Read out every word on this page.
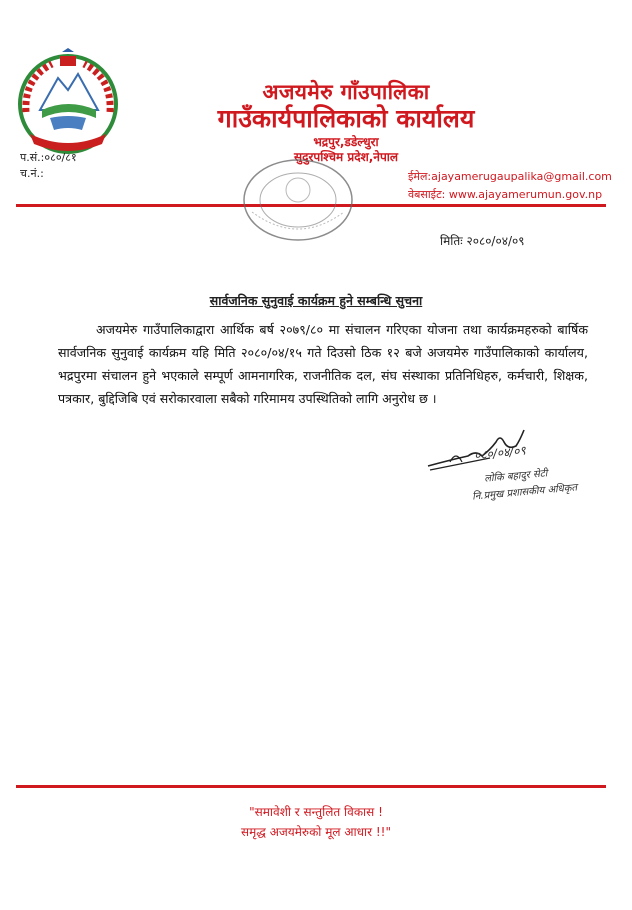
अजयमेरु गाँउपालिका
गाउँकार्यपालिकाको कार्यालय
भद्रपुर,डडेल्धुरा
सुदुरपश्चिम प्रदेश,नेपाल
प.सं.:०८०/८१
च.नं.:	ईमेल:ajayamerugaupalika@gmail.com
वेबसाईट: www.ajayamerumun.gov.np
मितिः २०८०/०४/०९
सार्वजनिक सुनुवाई कार्यक्रम हुने सम्बन्धि सुचना
अजयमेरु गाउँपालिकाद्वारा आर्थिक बर्ष २०७९/८० मा संचालन गरिएका योजना तथा कार्यक्रमहरुको बार्षिक सार्वजनिक सुनुवाई कार्यक्रम यहि मिति २०८०/०४/१५ गते दिउसो ठिक १२ बजे अजयमेरु गाउँपालिकाको कार्यालय, भद्रपुरमा संचालन हुने भएकाले सम्पूर्ण आमनागरिक, राजनीतिक दल, संघ संस्थाका प्रतिनिधिहरु, कर्मचारी, शिक्षक, पत्रकार, बुद्दिजिबि एवं सरोकारवाला सबैको गरिमामय उपस्थितिको लागि अनुरोध छ ।
०८०/०४/०९
लोकि बहादुर सेटी
नि.प्रमुख प्रशासकीय अधिकृत
"समावेशी र सन्तुलित विकास !
समृद्ध अजयमेरुको मूल आधार !!"
